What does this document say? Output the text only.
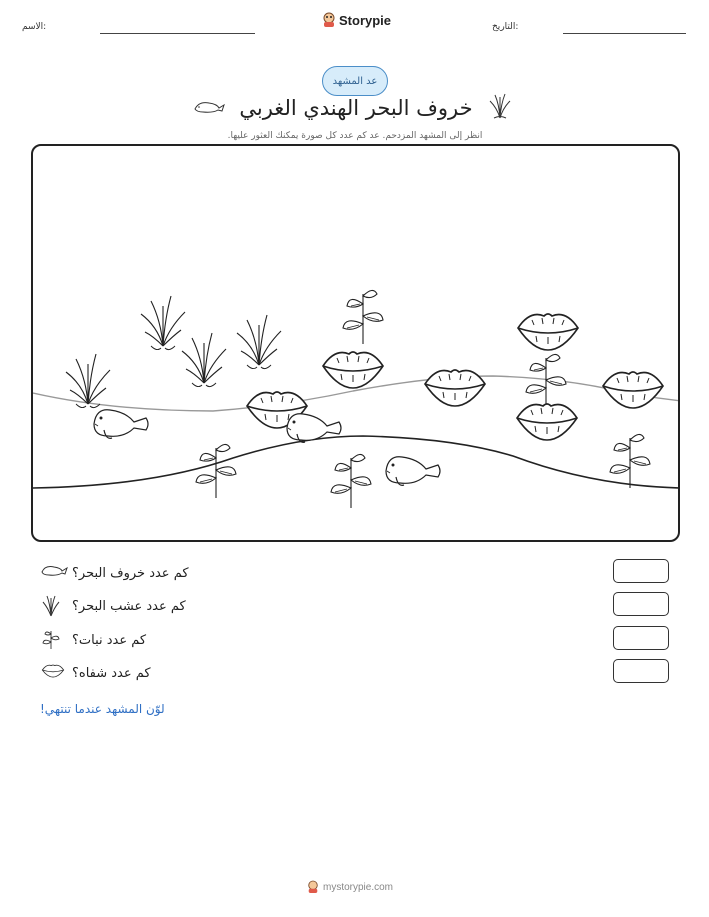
الاسم:	Storypie	التاريخ:
عد المشهد
خروف البحر الهندي الغربي
انظر إلى المشهد المزدحم. عد كم عدد كل صورة يمكنك العثور عليها.
كم عدد خروف البحر؟
كم عدد عشب البحر؟
كم عدد نبات؟
كم عدد شفاه؟
لوّن المشهد عندما تنتهي!
mystorypie.com
